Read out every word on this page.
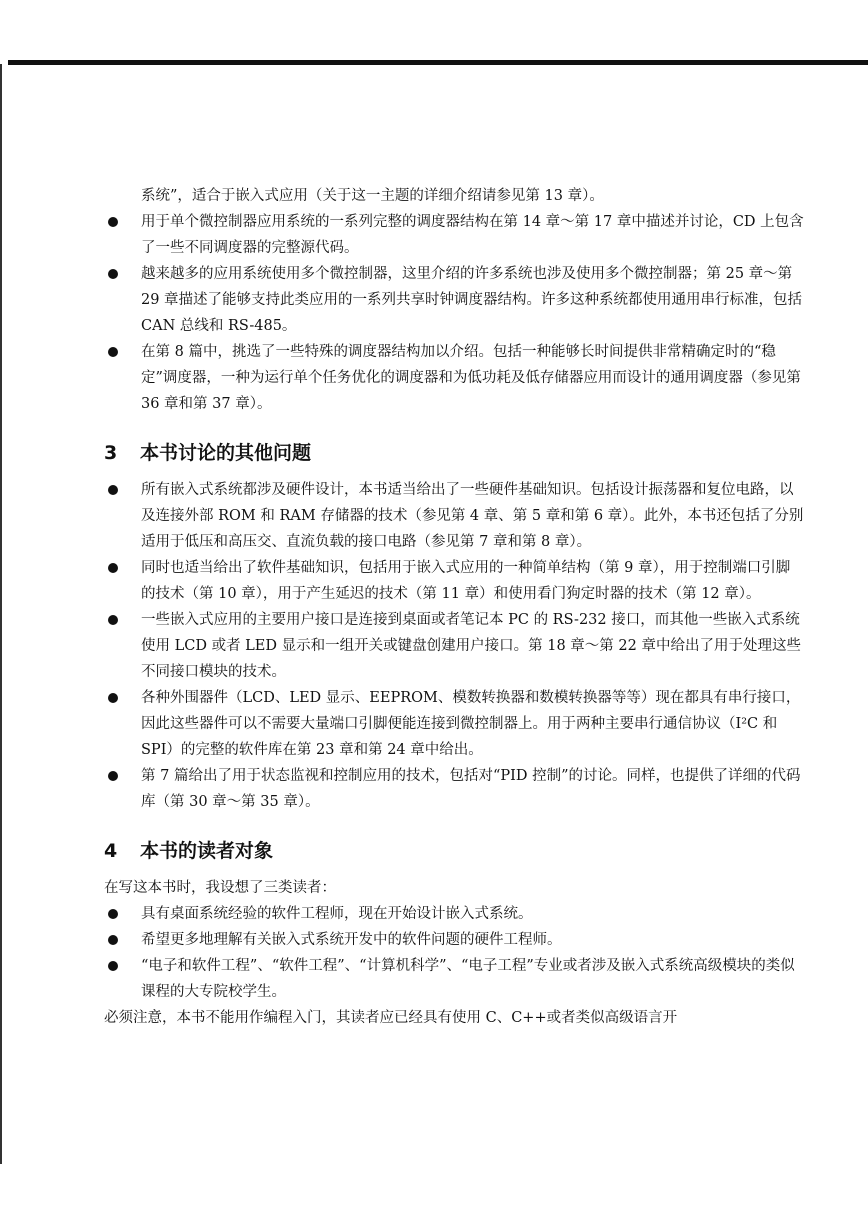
系统”，适合于嵌入式应用（关于这一主题的详细介绍请参见第 13 章）。

用于单个微控制器应用系统的一系列完整的调度器结构在第 14 章～第 17 章中描述并讨论，CD 上包含了一些不同调度器的完整源代码。
越来越多的应用系统使用多个微控制器，这里介绍的许多系统也涉及使用多个微控制器；第 25 章～第 29 章描述了能够支持此类应用的一系列共享时钟调度器结构。许多这种系统都使用通用串行标准，包括 CAN 总线和 RS-485。
在第 8 篇中，挑选了一些特殊的调度器结构加以介绍。包括一种能够长时间提供非常精确定时的“稳定”调度器，一种为运行单个任务优化的调度器和为低功耗及低存储器应用而设计的通用调度器（参见第 36 章和第 37 章）。
3	本书讨论的其他问题
所有嵌入式系统都涉及硬件设计，本书适当给出了一些硬件基础知识。包括设计振荡器和复位电路，以及连接外部 ROM 和 RAM 存储器的技术（参见第 4 章、第 5 章和第 6 章）。此外，本书还包括了分别适用于低压和高压交、直流负载的接口电路（参见第 7 章和第 8 章）。
同时也适当给出了软件基础知识，包括用于嵌入式应用的一种简单结构（第 9 章），用于控制端口引脚的技术（第 10 章），用于产生延迟的技术（第 11 章）和使用看门狗定时器的技术（第 12 章）。
一些嵌入式应用的主要用户接口是连接到桌面或者笔记本 PC 的 RS-232 接口，而其他一些嵌入式系统使用 LCD 或者 LED 显示和一组开关或键盘创建用户接口。第 18 章～第 22 章中给出了用于处理这些不同接口模块的技术。
各种外围器件（LCD、LED 显示、EEPROM、模数转换器和数模转换器等等）现在都具有串行接口，因此这些器件可以不需要大量端口引脚便能连接到微控制器上。用于两种主要串行通信协议（I²C 和 SPI）的完整的软件库在第 23 章和第 24 章中给出。
第 7 篇给出了用于状态监视和控制应用的技术，包括对“PID 控制”的讨论。同样，也提供了详细的代码库（第 30 章～第 35 章）。
4	本书的读者对象

在写这本书时，我设想了三类读者：

具有桌面系统经验的软件工程师，现在开始设计嵌入式系统。
希望更多地理解有关嵌入式系统开发中的软件问题的硬件工程师。
“电子和软件工程”、“软件工程”、“计算机科学”、“电子工程”专业或者涉及嵌入式系统高级模块的类似课程的大专院校学生。

必须注意，本书不能用作编程入门，其读者应已经具有使用 C、C++或者类似高级语言开
